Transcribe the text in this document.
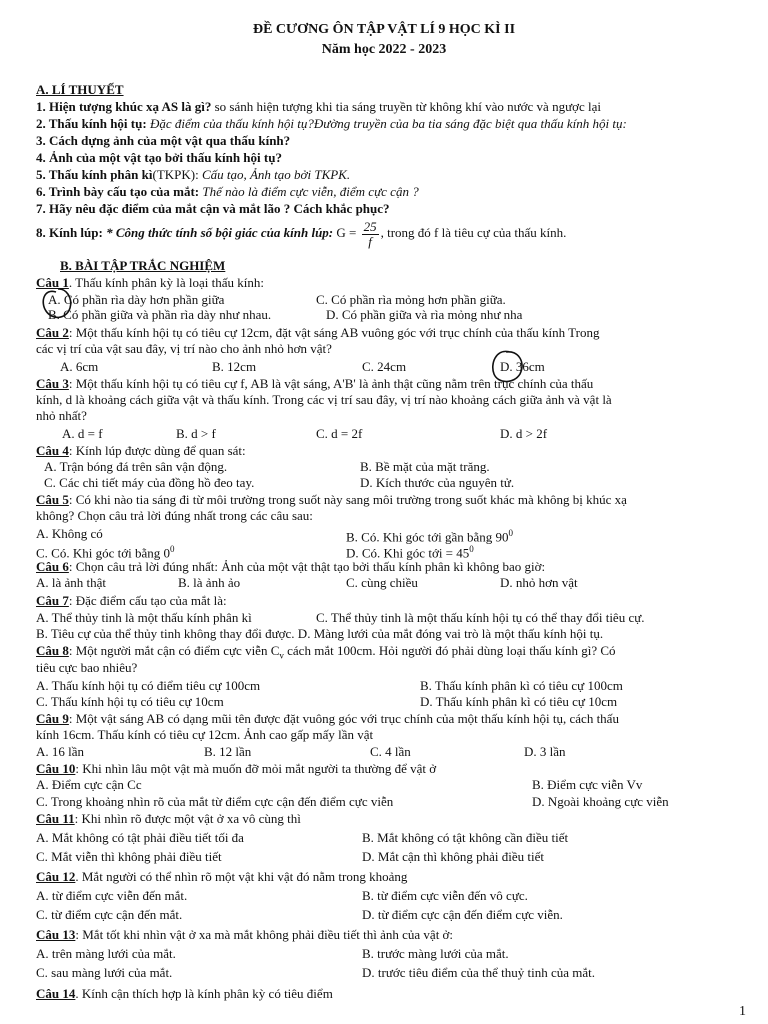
ĐỀ CƯƠNG ÔN TẬP VẬT LÍ 9 HỌC KÌ II
Năm học 2022 - 2023
A. LÍ THUYẾT
1. Hiện tượng khúc xạ AS là gì? so sánh hiện tượng khi tia sáng truyền từ không khí vào nước và ngược lại
2. Thấu kính hội tụ: Đặc điểm của thấu kính hội tụ?Đường truyền của ba tia sáng đặc biệt qua thấu kính hội tụ:
3. Cách dựng ảnh của một vật qua thấu kính?
4. Ảnh của một vật tạo bởi thấu kính hội tụ?
5. Thấu kính phân kì(TKPK): Cấu tạo, Ảnh tạo bởi TKPK.
6. Trình bày cấu tạo của mắt: Thế nào là điểm cực viễn, điểm cực cận ?
7. Hãy nêu đặc điểm của mắt cận và mắt lão ? Cách khắc phục?
8. Kính lúp: * Công thức tính số bội giác của kính lúp: $G = \frac{25}{f}$ , trong đó f là tiêu cự của thấu kính.
B. BÀI TẬP TRẮC NGHIỆM
Câu 1. Thấu kính phân kỳ là loại thấu kính:
A. Có phần rìa dày hơn phần giữa	C. Có phần rìa mỏng hơn phần giữa.
B. Có phần giữa và phần rìa dày như nhau.	D. Có phần giữa và rìa mỏng như nha
Câu 2: Một thấu kính hội tụ có tiêu cự 12cm, đặt vật sáng AB vuông góc với trục chính của thấu kính Trong
các vị trí của vật sau đây, vị trí nào cho ảnh nhỏ hơn vật?
A. 6cm	B. 12cm	C. 24cm	D. 36cm
Câu 3: Một thấu kính hội tụ có tiêu cự f, AB là vật sáng, A'B' là ảnh thật cũng nằm trên trục chính của thấu
kính, d là khoảng cách giữa vật và thấu kính. Trong các vị trí sau đây, vị trí nào khoảng cách giữa ảnh và vật là
nhỏ nhất?
A. d = f	B. d > f	C. d = 2f	D. d > 2f
Câu 4: Kính lúp được dùng để quan sát:
A. Trận bóng đá trên sân vận động.	B. Bề mặt của mặt trăng.
C. Các chi tiết máy của đồng hồ đeo tay.	D. Kích thước của nguyên tử.
Câu 5: Có khi nào tia sáng đi từ môi trường trong suốt này sang môi trường trong suốt khác mà không bị khúc xạ
không? Chọn câu trả lời đúng nhất trong các câu sau:
A. Không có	B. Có. Khi góc tới gần bằng $90^0$
C. Có. Khi góc tới bằng $0^0$	D. Có. Khi góc tới = $45^0$
Câu 6: Chọn câu trả lời đúng nhất: Ảnh của một vật thật tạo bởi thấu kính phân kì không bao giờ:
A. là ảnh thật	B. là ảnh ảo	C. cùng chiều	D. nhỏ hơn vật
Câu 7: Đặc điểm cấu tạo của mắt là:
A. Thể thủy tinh là một thấu kính phân kì	C. Thể thủy tinh là một thấu kính hội tụ có thể thay đổi tiêu cự.
B. Tiêu cự của thể thủy tinh không thay đổi được. D. Màng lưới của mắt đóng vai trò là một thấu kính hội tụ.
Câu 8: Một người mắt cận có điểm cực viễn $C_v$ cách mắt 100cm. Hỏi người đó phải dùng loại thấu kính gì? Có
tiêu cực bao nhiêu?
A. Thấu kính hội tụ có điểm tiêu cự 100cm	B. Thấu kính phân kì có tiêu cự 100cm
C. Thấu kính hội tụ có tiêu cự 10cm	D. Thấu kính phân kì có tiêu cự 10cm
Câu 9: Một vật sáng AB có dạng mũi tên được đặt vuông góc với trục chính của một thấu kính hội tụ, cách thấu
kính 16cm. Thấu kính có tiêu cự 12cm. Ảnh cao gấp mấy lần vật
A. 16 lần	B. 12 lần	C. 4 lần	D. 3 lần
Câu 10: Khi nhìn lâu một vật mà muốn đỡ mỏi mắt người ta thường để vật ở
A. Điểm cực cận Cc	B. Điểm cực viễn Vv
C. Trong khoảng nhìn rõ của mắt từ điểm cực cận đến điểm cực viễn	D. Ngoài khoảng cực viễn
Câu 11: Khi nhìn rõ được một vật ở xa vô cùng thì
A. Mắt không có tật phải điều tiết tối đa	B. Mắt không có tật không cần điều tiết
C. Mắt viễn thì không phải điều tiết	D. Mắt cận thì không phải điều tiết
Câu 12. Mắt người có thể nhìn rõ một vật khi vật đó nằm trong khoảng
A. từ điểm cực viễn đến mắt.	B. từ điểm cực viễn đến vô cực.
C. từ điểm cực cận đến mắt.	D. từ điểm cực cận đến điểm cực viễn.
Câu 13: Mắt tốt khi nhìn vật ở xa mà mắt không phải điều tiết thì ảnh của vật ở:
A. trên màng lưới của mắt.	B. trước màng lưới của mắt.
C. sau màng lưới của mắt.	D. trước tiêu điểm của thể thuỷ tinh của mắt.
Câu 14. Kính cận thích hợp là kính phân kỳ có tiêu điểm
1
